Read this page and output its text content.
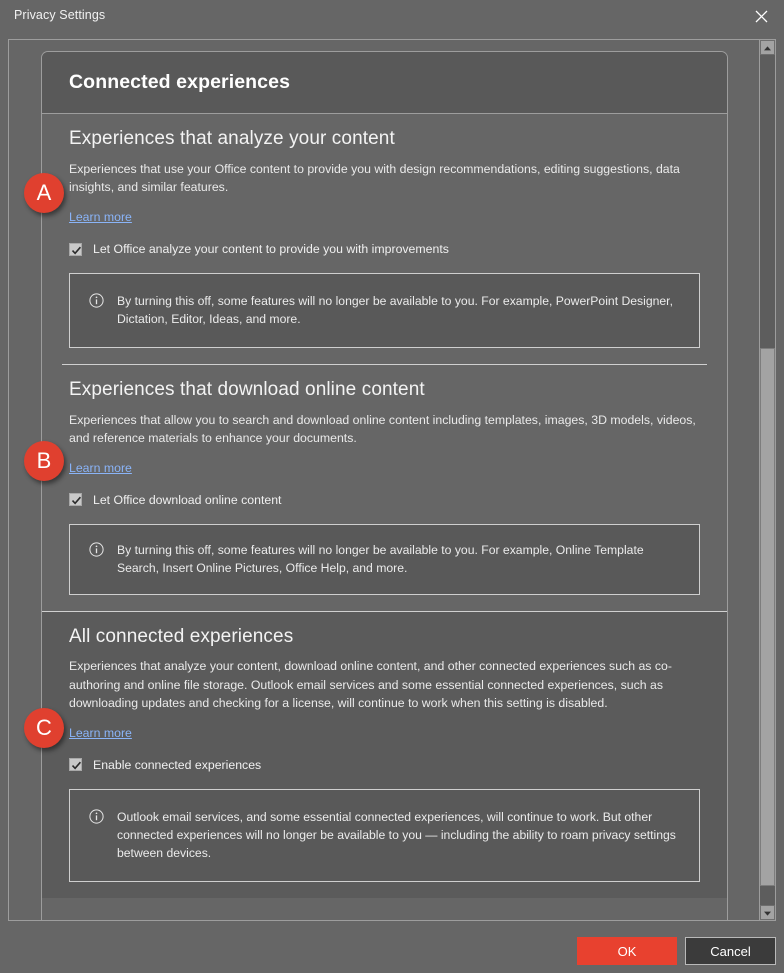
Privacy Settings
Connected experiences
Experiences that analyze your content
Experiences that use your Office content to provide you with design recommendations, editing suggestions, data insights, and similar features.
Learn more
Let Office analyze your content to provide you with improvements
By turning this off, some features will no longer be available to you. For example, PowerPoint Designer, Dictation, Editor, Ideas, and more.
Experiences that download online content
Experiences that allow you to search and download online content including templates, images, 3D models, videos, and reference materials to enhance your documents.
Learn more
Let Office download online content
By turning this off, some features will no longer be available to you. For example, Online Template Search, Insert Online Pictures, Office Help, and more.
All connected experiences
Experiences that analyze your content, download online content, and other connected experiences such as co-authoring and online file storage. Outlook email services and some essential connected experiences, such as downloading updates and checking for a license, will continue to work when this setting is disabled.
Learn more
Enable connected experiences
Outlook email services, and some essential connected experiences, will continue to work. But other connected experiences will no longer be available to you — including the ability to roam privacy settings between devices.
A
B
C
OK	Cancel
